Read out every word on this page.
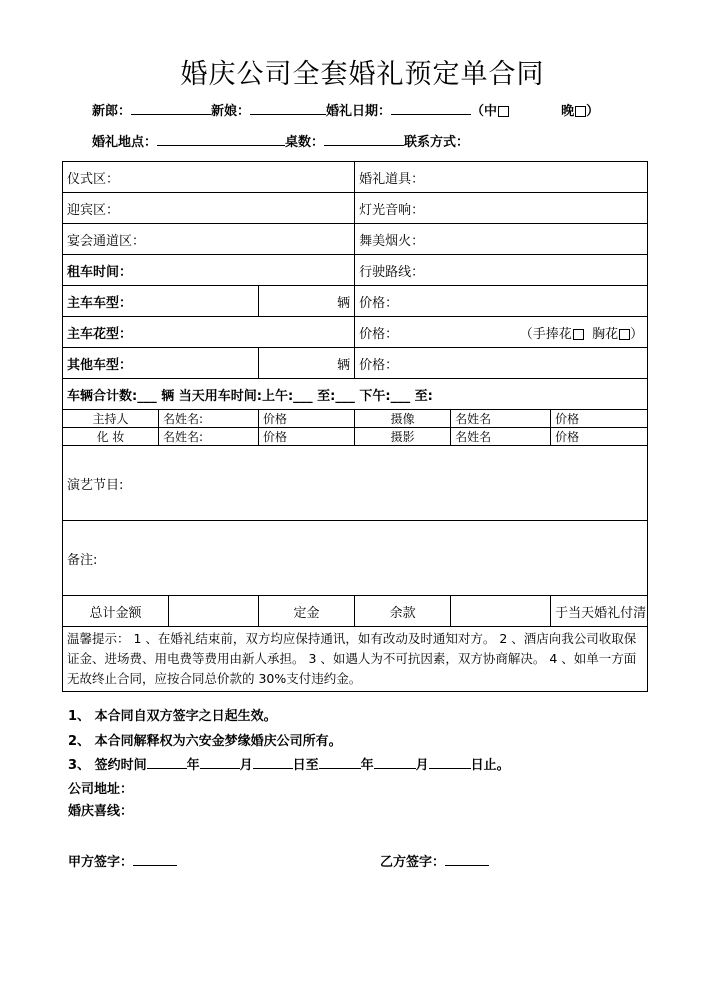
婚庆公司全套婚礼预定单合同
新郎：	新娘：	婚礼日期：	（中	晚 ）
婚礼地点：	桌数：	联系方式：
仪式区：				婚礼道具：		
迎宾区：				灯光音响：		
宴会通道区：				舞美烟火：		
租车时间：				行驶路线：		
主车车型：			辆	价格：		
主车花型：				价格： （手捧花 胸花 ）		

其他车型：			辆	价格：		
车辆合计数:___ 辆 当天用车时间:上午:___ 至:___ 下午:___ 至:						
主持人	名姓名:		价格		摄像	名姓名	价格
化 妆	名姓名:		价格		摄影	名姓名	价格
演艺节目:						
备注:						
总计金额			定金		余款		于当天婚礼付清
温馨提示： 1 、在婚礼结束前，双方均应保持通讯，如有改动及时通知对方。 2 、酒店向我公司收取保证金、进场费、用电费等费用由新人承担。 3 、如遇人为不可抗因素，双方协商解决。 4 、如单一方面无故终止合同，应按合同总价款的 30%支付违约金。						
1、 本合同自双方签字之日起生效。
2、 本合同解释权为六安金梦缘婚庆公司所有。
3、 签约时间	年	月	日至	年	月	日止。
公司地址：
婚庆喜线：
甲方签字：	乙方签字：
